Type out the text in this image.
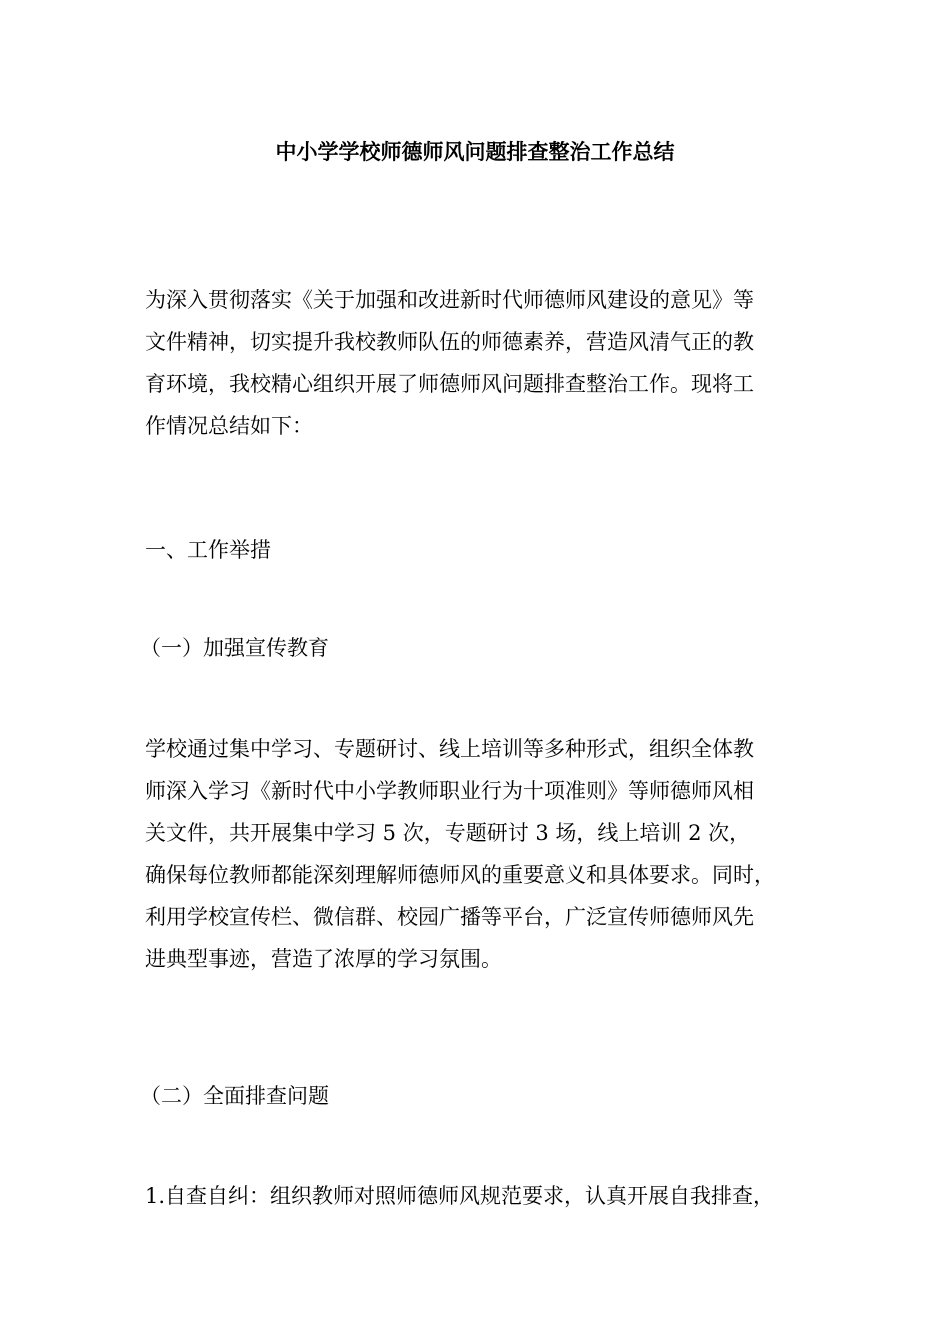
中小学学校师德师风问题排查整治工作总结

为深入贯彻落实《关于加强和改进新时代师德师风建设的意见》等
文件精神，切实提升我校教师队伍的师德素养，营造风清气正的教
育环境，我校精心组织开展了师德师风问题排查整治工作。现将工
作情况总结如下：

一、工作举措
（一）加强宣传教育

学校通过集中学习、专题研讨、线上培训等多种形式，组织全体教
师深入学习《新时代中小学教师职业行为十项准则》等师德师风相
关文件，共开展集中学习 5 次，专题研讨 3 场，线上培训 2 次，
确保每位教师都能深刻理解师德师风的重要意义和具体要求。同时，
利用学校宣传栏、微信群、校园广播等平台，广泛宣传师德师风先
进典型事迹，营造了浓厚的学习氛围。

（二）全面排查问题

1.自查自纠：组织教师对照师德师风规范要求，认真开展自我排查，
